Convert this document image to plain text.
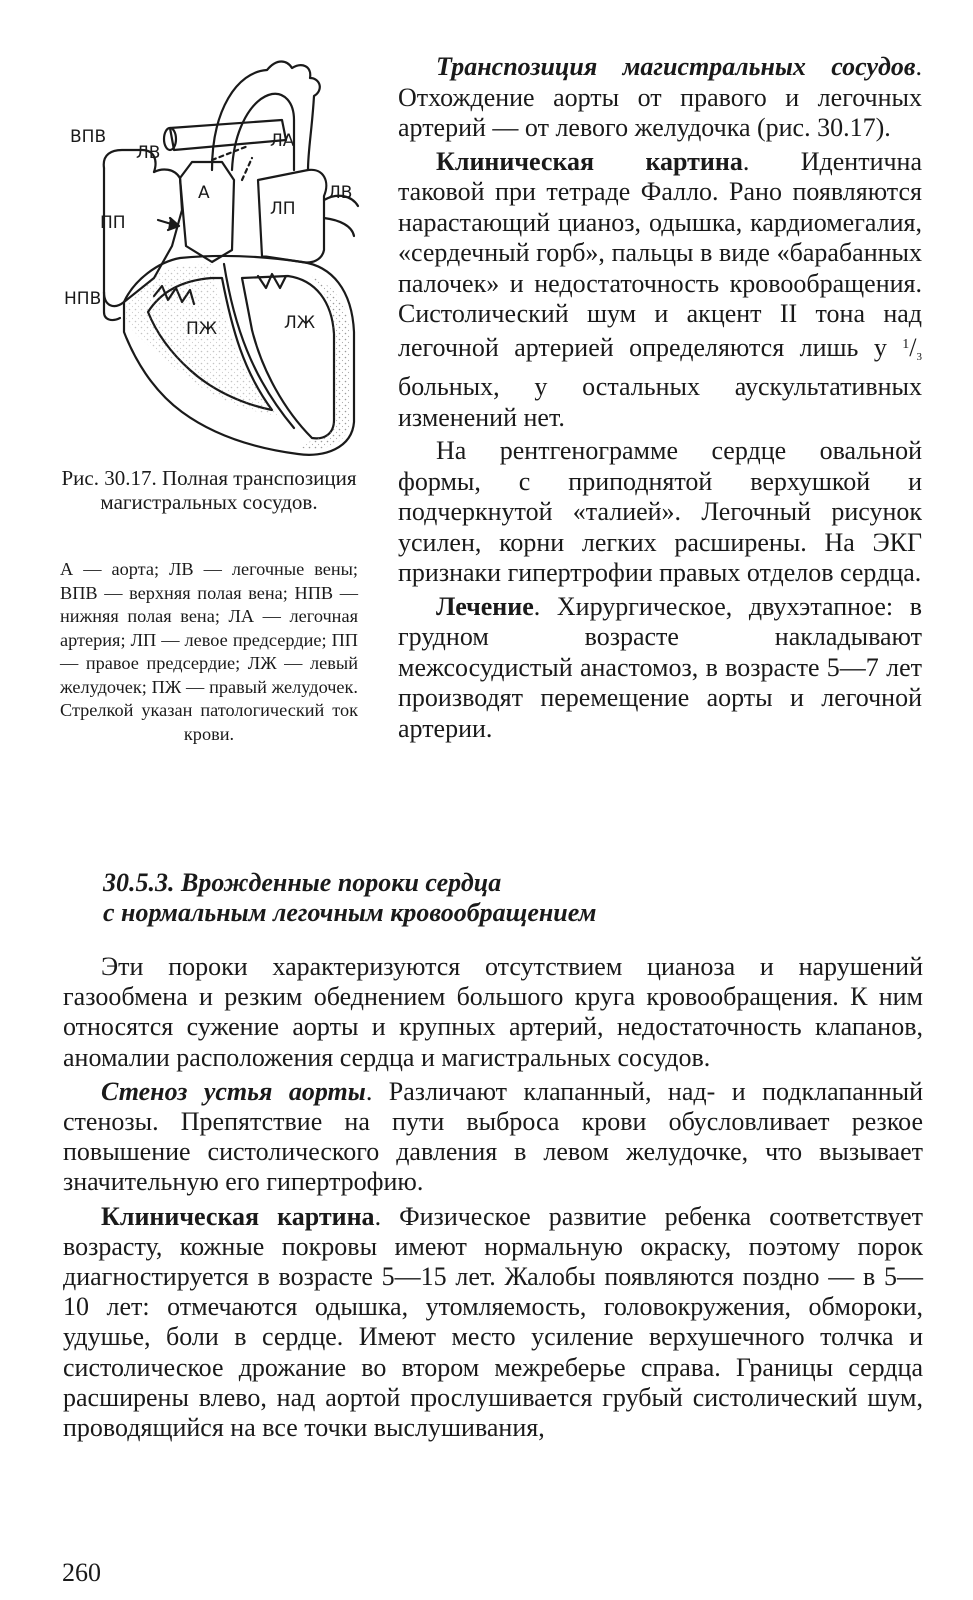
ВПВ
ЛВ
А
ЛА
ЛВ
ПП
ЛП
НПВ
ПЖ	ЛЖ
Рис. 30.17. Полная транспозиция магистральных сосудов.
А — аорта; ЛВ — легочные вены; ВПВ — верхняя полая вена; НПВ — нижняя полая вена; ЛА — легочная артерия; ЛП — левое предсердие; ПП — правое предсердие; ЛЖ — левый желудочек; ПЖ — правый желудочек. Стрелкой указан патологический ток крови.

Транспозиция магистральных сосудов. Отхождение аорты от правого и легочных артерий — от левого желудочка (рис. 30.17).

Клиническая картина. Идентична таковой при тетраде Фалло. Рано появляются нарастающий цианоз, одышка, кардиомегалия, «сердечный горб», пальцы в виде «барабанных палочек» и недостаточность кровообращения. Систолический шум и акцент II тона над легочной артерией определяются лишь у $^1/_3$ больных, у остальных аускультативных изменений нет.

На рентгенограмме сердце овальной формы, с приподнятой верхушкой и подчеркнутой «талией». Легочный рисунок усилен, корни легких расширены. На ЭКГ признаки гипертрофии правых отделов сердца.

Лечение. Хирургическое, двухэтапное: в грудном возрасте накладывают межсосудистый анастомоз, в возрасте 5—7 лет производят перемещение аорты и легочной артерии.

30.5.3. Врожденные пороки сердца
с нормальным легочным кровообращением

Эти пороки характеризуются отсутствием цианоза и нарушений газообмена и резким обеднением большого круга кровообращения. К ним относятся сужение аорты и крупных артерий, недостаточность клапанов, аномалии расположения сердца и магистральных сосудов.

Стеноз устья аорты. Различают клапанный, над- и подклапанный стенозы. Препятствие на пути выброса крови обусловливает резкое повышение систолического давления в левом желудочке, что вызывает значительную его гипертрофию.

Клиническая картина. Физическое развитие ребенка соответствует возрасту, кожные покровы имеют нормальную окраску, поэтому порок диагностируется в возрасте 5—15 лет. Жалобы появляются поздно — в 5—10 лет: отмечаются одышка, утомляемость, головокружения, обмороки, удушье, боли в сердце. Имеют место усиление верхушечного толчка и систолическое дрожание во втором межреберье справа. Границы сердца расширены влево, над аортой прослушивается грубый систолический шум, проводящийся на все точки выслушивания,

260
